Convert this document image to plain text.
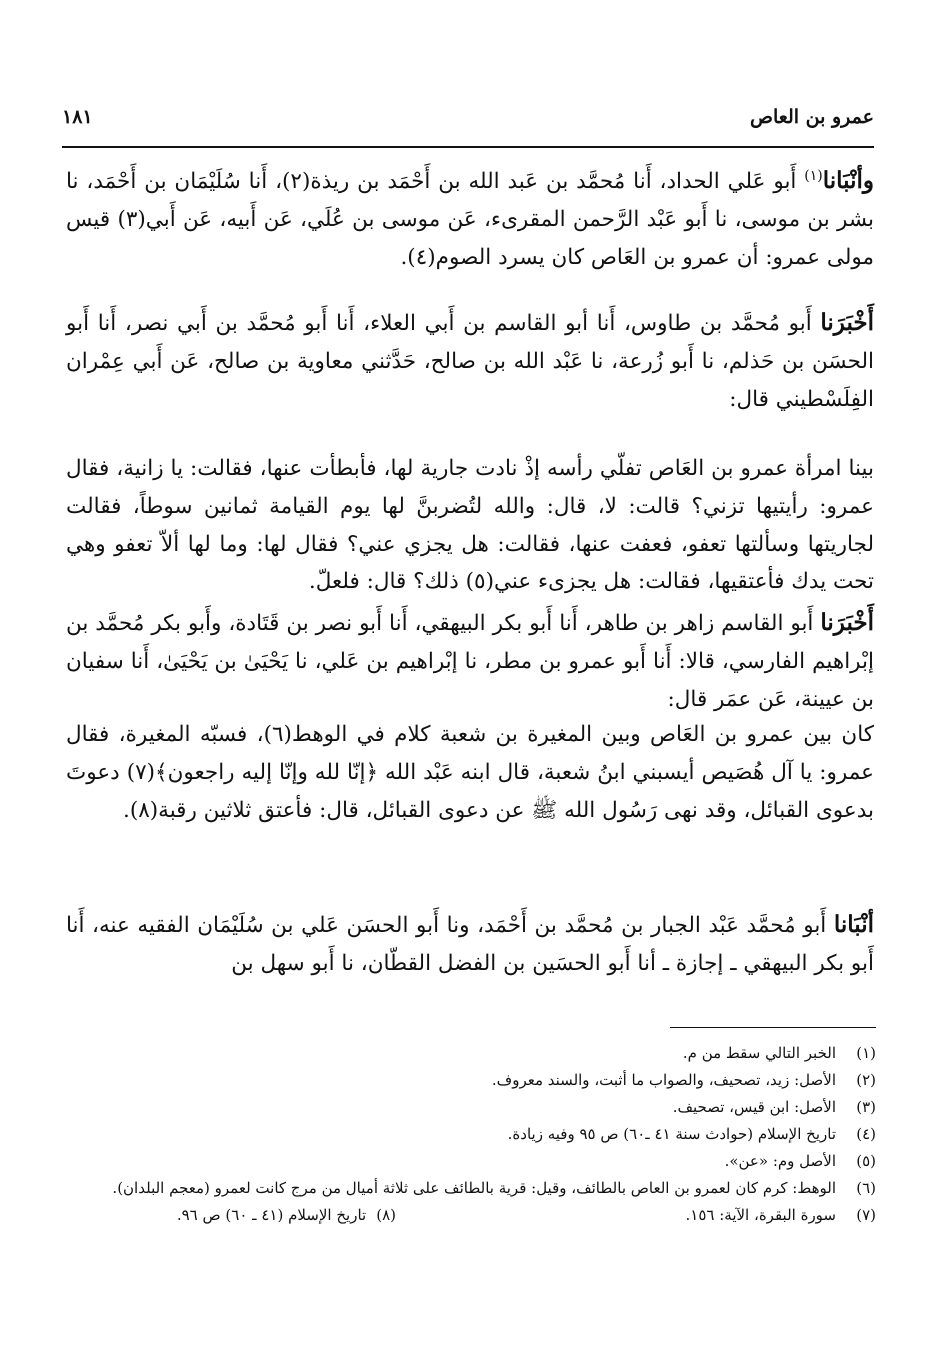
عمرو بن العاص
١٨١

وأنْبَانا$^{(١)}$ أَبو عَلي الحداد، أَنا مُحمَّد بن عَبد الله بن أَحْمَد بن ريذة(٢)، أَنا سُلَيْمَان بن أَحْمَد، نا بشر بن موسى، نا أَبو عَبْد الرَّحمن المقرىء، عَن موسى بن عُلَي، عَن أَبيه، عَن أَبي(٣) قيس مولى عمرو: أن عمرو بن العَاص كان يسرد الصوم(٤).

أَخْبَرَنا أَبو مُحمَّد بن طاوس، أَنا أبو القاسم بن أَبي العلاء، أَنا أَبو مُحمَّد بن أَبي نصر، أَنا أَبو الحسَن بن حَذلم، نا أَبو زُرعة، نا عَبْد الله بن صالح، حَدَّثني معاوية بن صالح، عَن أَبي عِمْران الفِلَسْطيني قال:

بينا امرأة عمرو بن العَاص تفلّي رأسه إذْ نادت جارية لها، فأبطأت عنها، فقالت: يا زانية، فقال عمرو: رأيتيها تزني؟ قالت: لا، قال: والله لتُضربنَّ لها يوم القيامة ثمانين سوطاً، فقالت لجاريتها وسألتها تعفو، فعفت عنها، فقالت: هل يجزي عني؟ فقال لها: وما لها ألاّ تعفو وهي تحت يدك فأعتقيها، فقالت: هل يجزىء عني(٥) ذلك؟ قال: فلعلّ.

أَخْبَرَنا أَبو القاسم زاهر بن طاهر، أَنا أَبو بكر البيهقي، أَنا أَبو نصر بن قَتَادة، وأَبو بكر مُحمَّد بن إبْراهيم الفارسي، قالا: أَنا أَبو عمرو بن مطر، نا إبْراهيم بن عَلي، نا يَحْيَىٰ بن يَحْيَىٰ، أَنا سفيان بن عيينة، عَن عمَر قال:

كان بين عمرو بن العَاص وبين المغيرة بن شعبة كلام في الوهط(٦)، فسبّه المغيرة، فقال عمرو: يا آل هُصَيص أيسبني ابنُ شعبة، قال ابنه عَبْد الله ﴿إنّا لله وإنّا إليه راجعون﴾(٧) دعوتَ بدعوى القبائل، وقد نهى رَسُول الله ﷺ عن دعوى القبائل، قال: فأعتق ثلاثين رقبة(٨).

أنْبَانا أَبو مُحمَّد عَبْد الجبار بن مُحمَّد بن أَحْمَد، ونا أَبو الحسَن عَلي بن سُلَيْمَان الفقيه عنه، أَنا أَبو بكر البيهقي ـ إجازة ـ أنا أَبو الحسَين بن الفضل القطّان، نا أَبو سهل بن

(١)
الخبر التالي سقط من م.
(٢)
الأصل: زيد، تصحيف، والصواب ما أثبت، والسند معروف.
(٣)
الأصل: ابن قيس، تصحيف.
(٤)
تاريخ الإسلام (حوادث سنة ٤١ ـ٦٠) ص ٩٥ وفيه زيادة.
(٥)
الأصل وم: «عن».
(٦)
الوهط: كرم كان لعمرو بن العاص بالطائف، وقيل: قرية بالطائف على ثلاثة أميال من مرج كانت لعمرو (معجم البلدان).
(٧)
سورة البقرة، الآية: ١٥٦.
(٨)
تاريخ الإسلام (٤١ ـ ٦٠) ص ٩٦.
